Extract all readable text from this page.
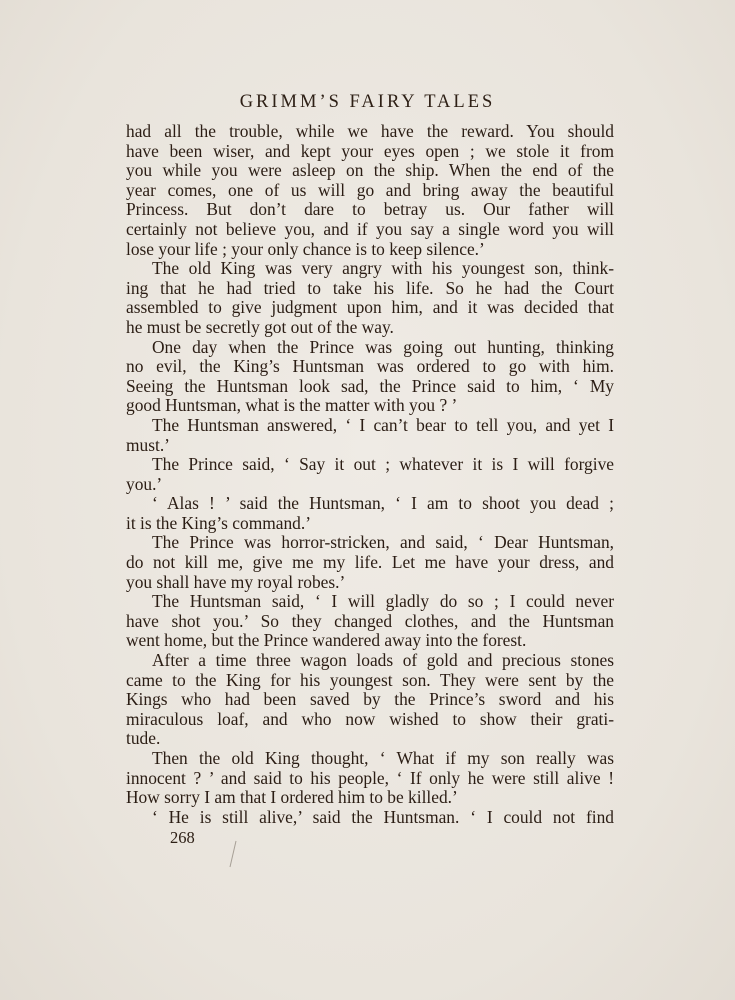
GRIMM’S FAIRY TALES
had all the trouble, while we have the reward. You should
have been wiser, and kept your eyes open ; we stole it from
you while you were asleep on the ship. When the end of the
year comes, one of us will go and bring away the beautiful
Princess. But don’t dare to betray us. Our father will
certainly not believe you, and if you say a single word you will
lose your life ; your only chance is to keep silence.’
The old King was very angry with his youngest son, think-
ing that he had tried to take his life. So he had the Court
assembled to give judgment upon him, and it was decided that
he must be secretly got out of the way.
One day when the Prince was going out hunting, thinking
no evil, the King’s Huntsman was ordered to go with him.
Seeing the Huntsman look sad, the Prince said to him, ‘ My
good Huntsman, what is the matter with you ? ’
The Huntsman answered, ‘ I can’t bear to tell you, and yet I
must.’
The Prince said, ‘ Say it out ; whatever it is I will forgive
you.’
‘ Alas ! ’ said the Huntsman, ‘ I am to shoot you dead ;
it is the King’s command.’
The Prince was horror-stricken, and said, ‘ Dear Huntsman,
do not kill me, give me my life. Let me have your dress, and
you shall have my royal robes.’
The Huntsman said, ‘ I will gladly do so ; I could never
have shot you.’ So they changed clothes, and the Huntsman
went home, but the Prince wandered away into the forest.
After a time three wagon loads of gold and precious stones
came to the King for his youngest son. They were sent by the
Kings who had been saved by the Prince’s sword and his
miraculous loaf, and who now wished to show their grati-
tude.
Then the old King thought, ‘ What if my son really was
innocent ? ’ and said to his people, ‘ If only he were still alive !
How sorry I am that I ordered him to be killed.’
‘ He is still alive,’ said the Huntsman. ‘ I could not find
268
